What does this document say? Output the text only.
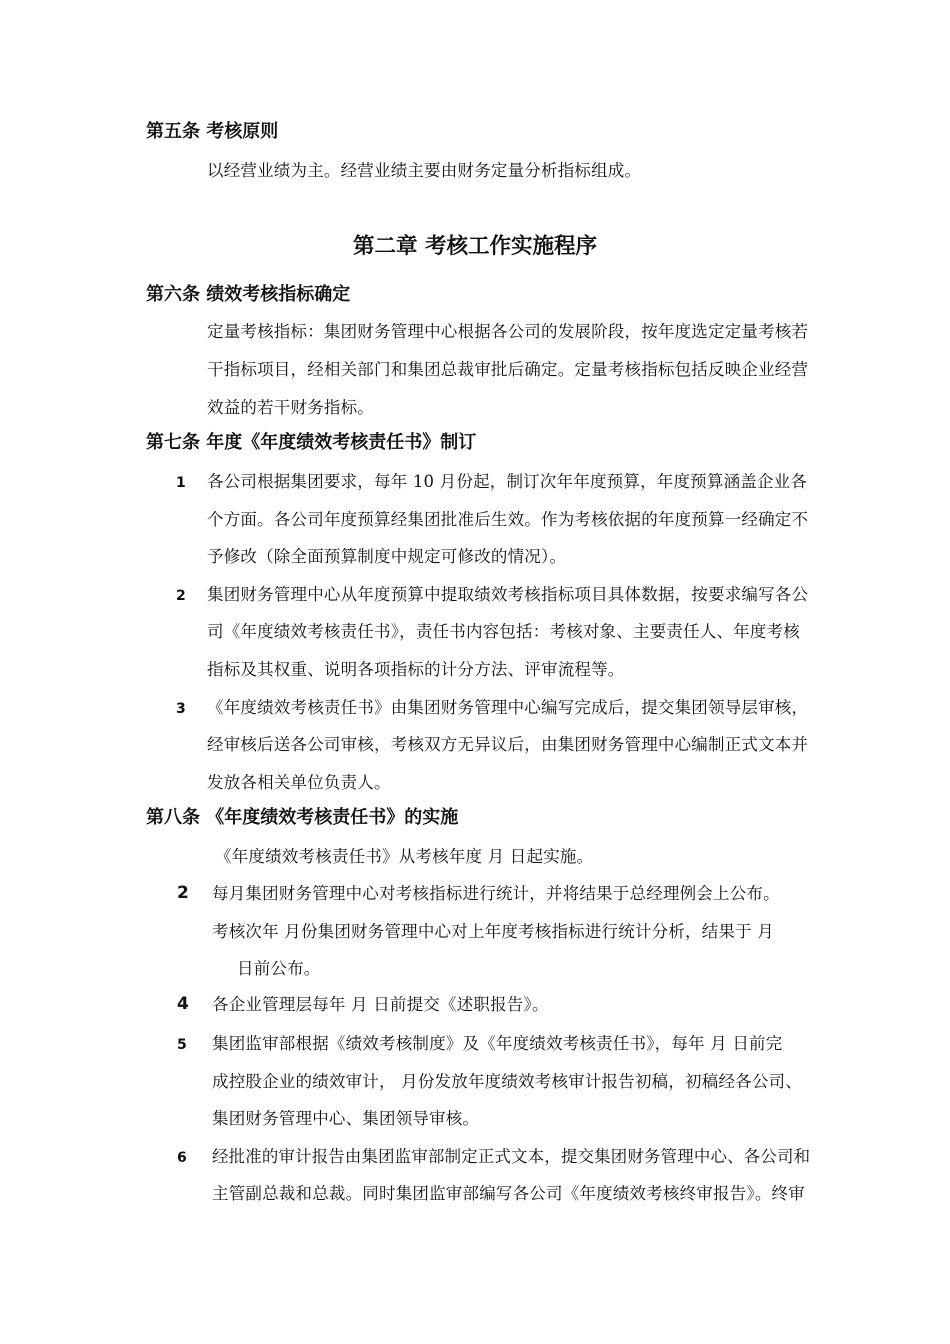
第五条 考核原则
以经营业绩为主。经营业绩主要由财务定量分析指标组成。
第二章 考核工作实施程序
第六条 绩效考核指标确定
定量考核指标：集团财务管理中心根据各公司的发展阶段，按年度选定定量考核若
干指标项目，经相关部门和集团总裁审批后确定。定量考核指标包括反映企业经营
效益的若干财务指标。
第七条 年度《年度绩效考核责任书》制订
1 各公司根据集团要求，每年 10 月份起，制订次年年度预算，年度预算涵盖企业各
个方面。各公司年度预算经集团批准后生效。作为考核依据的年度预算一经确定不
予修改（除全面预算制度中规定可修改的情况）。
2 集团财务管理中心从年度预算中提取绩效考核指标项目具体数据，按要求编写各公
司《年度绩效考核责任书》，责任书内容包括：考核对象、主要责任人、年度考核
指标及其权重、说明各项指标的计分方法、评审流程等。
3 《年度绩效考核责任书》由集团财务管理中心编写完成后，提交集团领导层审核，
经审核后送各公司审核，考核双方无异议后，由集团财务管理中心编制正式文本并
发放各相关单位负责人。
第八条 《年度绩效考核责任书》的实施
《年度绩效考核责任书》从考核年度 月 日起实施。
2 每月集团财务管理中心对考核指标进行统计，并将结果于总经理例会上公布。
考核次年 月份集团财务管理中心对上年度考核指标进行统计分析，结果于 月
日前公布。
4 各企业管理层每年 月 日前提交《述职报告》。
5 集团监审部根据《绩效考核制度》及《年度绩效考核责任书》，每年 月 日前完
成控股企业的绩效审计， 月份发放年度绩效考核审计报告初稿，初稿经各公司、
集团财务管理中心、集团领导审核。
6 经批准的审计报告由集团监审部制定正式文本，提交集团财务管理中心、各公司和
主管副总裁和总裁。同时集团监审部编写各公司《年度绩效考核终审报告》。终审
